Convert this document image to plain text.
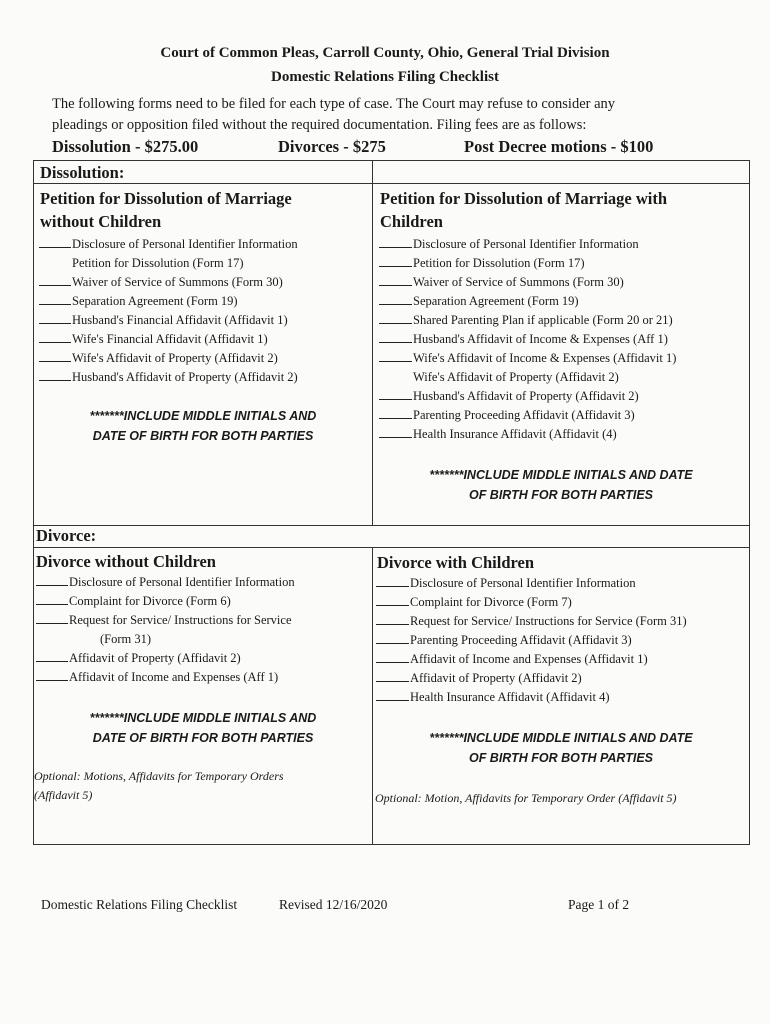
Court of Common Pleas, Carroll County, Ohio, General Trial Division
Domestic Relations Filing Checklist
The following forms need to be filed for each type of case. The Court may refuse to consider any
pleadings or opposition filed without the required documentation. Filing fees are as follows:
Dissolution - $275.00	Divorces - $275	Post Decree motions - $100
Dissolution:
Petition for Dissolution of Marriage
without Children
Disclosure of Personal Identifier Information
Petition for Dissolution (Form 17)
Waiver of Service of Summons (Form 30)
Separation Agreement (Form 19)
Husband's Financial Affidavit (Affidavit 1)
Wife's Financial Affidavit (Affidavit 1)
Wife's Affidavit of Property (Affidavit 2)
Husband's Affidavit of Property (Affidavit 2)
*******INCLUDE MIDDLE INITIALS AND
DATE OF BIRTH FOR BOTH PARTIES
Petition for Dissolution of Marriage with
Children
Disclosure of Personal Identifier Information
Petition for Dissolution (Form 17)
Waiver of Service of Summons (Form 30)
Separation Agreement (Form 19)
Shared Parenting Plan if applicable (Form 20 or 21)
Husband's Affidavit of Income & Expenses (Aff 1)
Wife's Affidavit of Income & Expenses (Affidavit 1)
Wife's Affidavit of Property (Affidavit 2)
Husband's Affidavit of Property (Affidavit 2)
Parenting Proceeding Affidavit (Affidavit 3)
Health Insurance Affidavit (Affidavit (4)
*******INCLUDE MIDDLE INITIALS AND DATE
OF BIRTH FOR BOTH PARTIES
Divorce:
Divorce without Children
Disclosure of Personal Identifier Information
Complaint for Divorce (Form 6)
Request for Service/ Instructions for Service
(Form 31)
Affidavit of Property (Affidavit 2)
Affidavit of Income and Expenses (Aff 1)
*******INCLUDE MIDDLE INITIALS AND
DATE OF BIRTH FOR BOTH PARTIES
Optional: Motions, Affidavits for Temporary Orders
(Affidavit 5)
Divorce with Children
Disclosure of Personal Identifier Information
Complaint for Divorce (Form 7)
Request for Service/ Instructions for Service (Form 31)
Parenting Proceeding Affidavit (Affidavit 3)
Affidavit of Income and Expenses (Affidavit 1)
Affidavit of Property (Affidavit 2)
Health Insurance Affidavit (Affidavit 4)
*******INCLUDE MIDDLE INITIALS AND DATE
OF BIRTH FOR BOTH PARTIES
Optional: Motion, Affidavits for Temporary Order (Affidavit 5)
Domestic Relations Filing Checklist	Revised 12/16/2020	Page 1 of 2
